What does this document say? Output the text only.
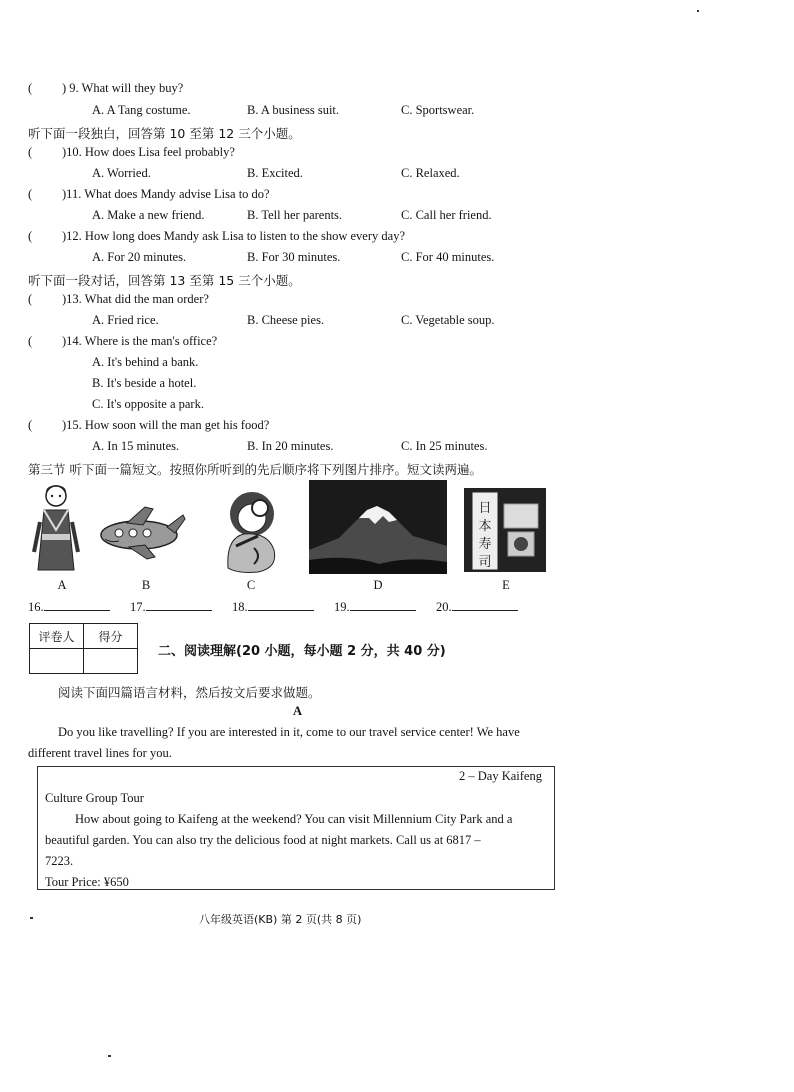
( ) 9. What will they buy?
A. A Tang costume.	B. A business suit.	C. Sportswear.
听下面一段独白，回答第 10 至第 12 三个小题。
( )10. How does Lisa feel probably?
A. Worried.	B. Excited.	C. Relaxed.
( )11. What does Mandy advise Lisa to do?
A. Make a new friend.	B. Tell her parents.	C. Call her friend.
( )12. How long does Mandy ask Lisa to listen to the show every day?
A. For 20 minutes.	B. For 30 minutes.	C. For 40 minutes.
听下面一段对话，回答第 13 至第 15 三个小题。
( )13. What did the man order?
A. Fried rice.	B. Cheese pies.	C. Vegetable soup.
( )14. Where is the man's office?
A. It's behind a bank.
B. It's beside a hotel.
C. It's opposite a park.
( )15. How soon will the man get his food?
A. In 15 minutes.	B. In 20 minutes.	C. In 25 minutes.
第三节 听下面一篇短文。按照你所听到的先后顺序将下列图片排序。短文读两遍。
日
本
寿
司
A	B	C	D	E
16.	17.	18.	19.	20.
评卷人	得分

二、阅读理解(20 小题，每小题 2 分，共 40 分)
阅读下面四篇语言材料，然后按文后要求做题。
A
Do you like travelling? If you are interested in it, come to our travel service center! We have
different travel lines for you.
2 – Day Kaifeng
Culture Group Tour
How about going to Kaifeng at the weekend? You can visit Millennium City Park and a
beautiful garden. You can also try the delicious food at night markets. Call us at 6817 –
7223.
Tour Price: ¥650
八年级英语(KB) 第 2 页(共 8 页)
